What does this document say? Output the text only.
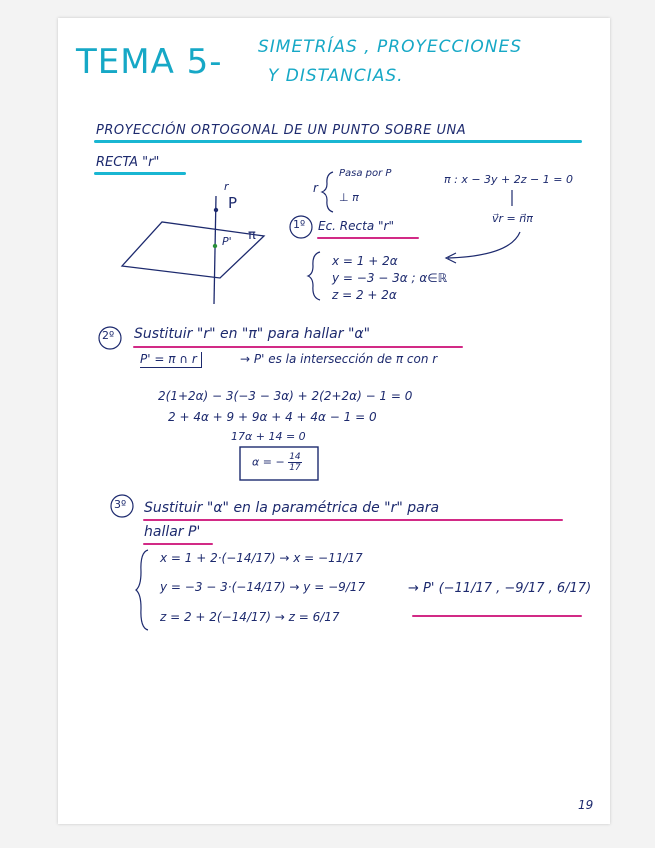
TEMA 5- SIMETRÍAS , PROYECCIONES
Y DISTANCIAS.
PROYECCIÓN ORTOGONAL DE UN PUNTO SOBRE UNA
RECTA "r"
r
P
P' π
r
Pasa por P
⊥ π
π : x − 3y + 2z − 1 = 0
v⃗r = n⃗π
1º Ec. Recta "r"
x = 1 + 2α
y = −3 − 3α ; α∈ℝ
z = 2 + 2α
2º Sustituir "r" en "π" para hallar "α"
P' = π ∩ r	→ P' es la intersección de π con r
2(1+2α) − 3(−3 − 3α) + 2(2+2α) − 1 = 0
2 + 4α + 9 + 9α + 4 + 4α − 1 = 0
17α + 14 = 0
α = − $\frac{14}{17}$
3º Sustituir "α" en la paramétrica de "r" para
hallar P'
x = 1 + 2·(−14/17) → x = −11/17
y = −3 − 3·(−14/17) → y = −9/17
z = 2 + 2(−14/17) → z = 6/17
→ P' (−11/17 , −9/17 , 6/17)
19
